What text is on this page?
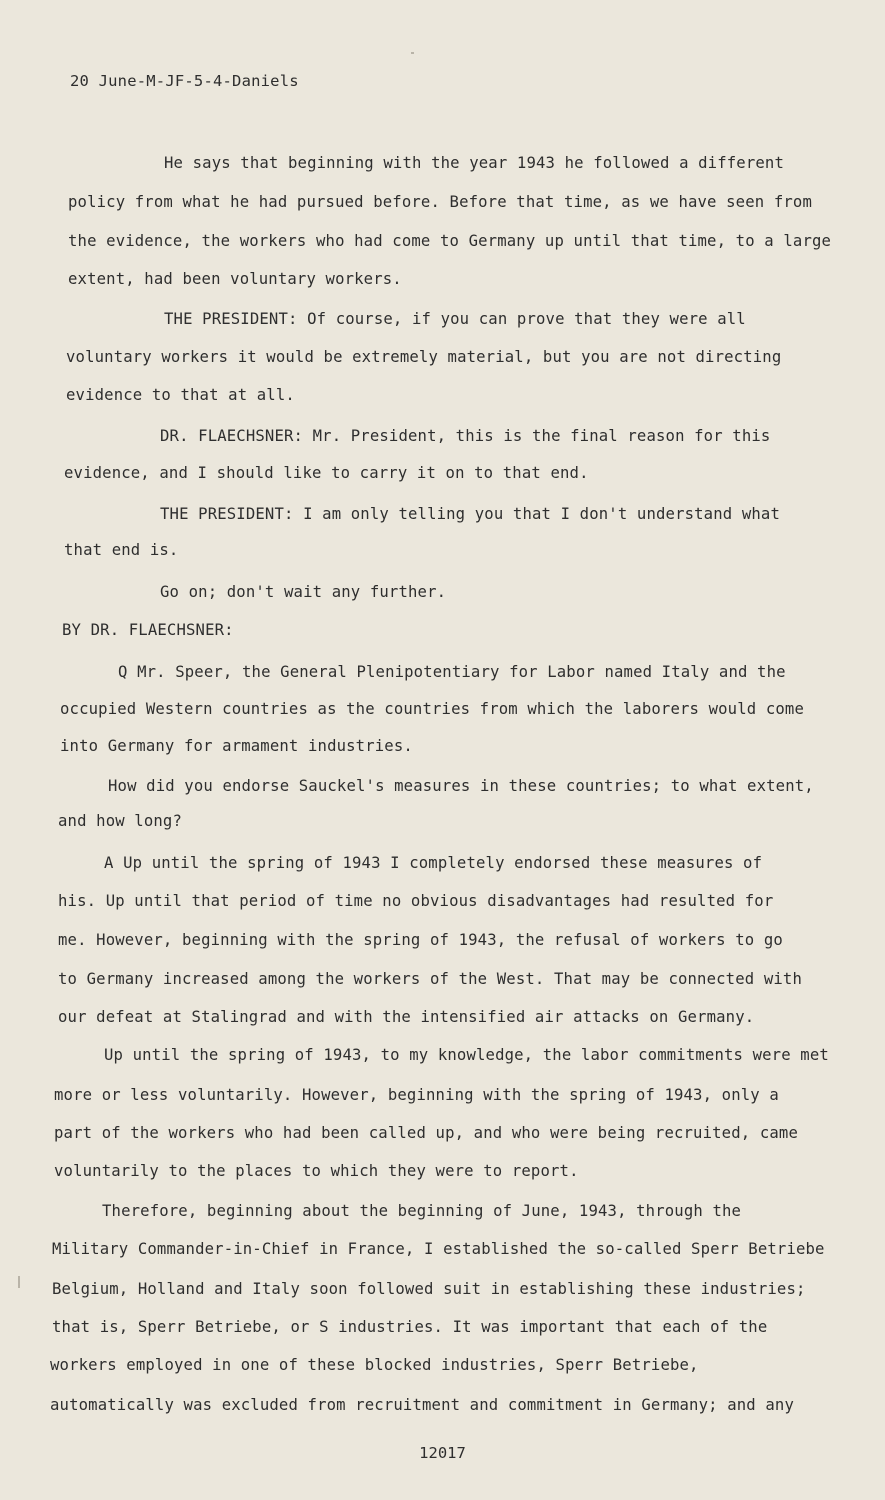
20 June-M-JF-5-4-Daniels
He says that beginning with the year 1943 he followed a different
policy from what he had pursued before. Before that time, as we have seen from
the evidence, the workers who had come to Germany up until that time, to a large
extent, had been voluntary workers.
THE PRESIDENT: Of course, if you can prove that they were all
voluntary workers it would be extremely material, but you are not directing
evidence to that at all.
DR. FLAECHSNER: Mr. President, this is the final reason for this
evidence, and I should like to carry it on to that end.
THE PRESIDENT: I am only telling you that I don't understand what
that end is.
Go on; don't wait any further.
BY DR. FLAECHSNER:
Q Mr. Speer, the General Plenipotentiary for Labor named Italy and the
occupied Western countries as the countries from which the laborers would come
into Germany for armament industries.
How did you endorse Sauckel's measures in these countries; to what extent,
and how long?
A Up until the spring of 1943 I completely endorsed these measures of
his. Up until that period of time no obvious disadvantages had resulted for
me. However, beginning with the spring of 1943, the refusal of workers to go
to Germany increased among the workers of the West. That may be connected with
our defeat at Stalingrad and with the intensified air attacks on Germany.
Up until the spring of 1943, to my knowledge, the labor commitments were met
more or less voluntarily. However, beginning with the spring of 1943, only a
part of the workers who had been called up, and who were being recruited, came
voluntarily to the places to which they were to report.
Therefore, beginning about the beginning of June, 1943, through the
Military Commander-in-Chief in France, I established the so-called Sperr Betriebe
Belgium, Holland and Italy soon followed suit in establishing these industries;
that is, Sperr Betriebe, or S industries. It was important that each of the
workers employed in one of these blocked industries, Sperr Betriebe,
automatically was excluded from recruitment and commitment in Germany; and any
12017
